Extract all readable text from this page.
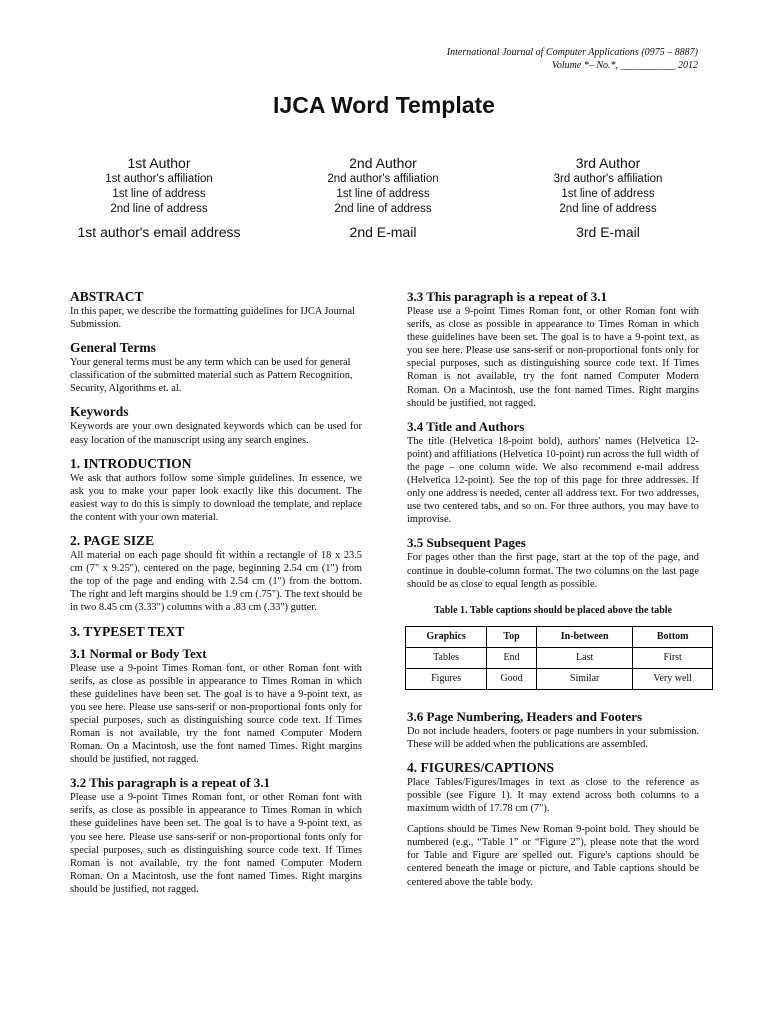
International Journal of Computer Applications (0975 – 8887)
Volume *– No.*, ___________ 2012
IJCA Word Template
1st Author
1st author's affiliation
1st line of address
2nd line of address
1st author's email address
2nd Author
2nd author's affiliation
1st line of address
2nd line of address
2nd E-mail
3rd Author
3rd author's affiliation
1st line of address
2nd line of address
3rd E-mail
ABSTRACT

In this paper, we describe the formatting guidelines for IJCA Journal Submission.

General Terms

Your general terms must be any term which can be used for general classification of the submitted material such as Pattern Recognition, Security, Algorithms et. al.

Keywords

Keywords are your own designated keywords which can be used for easy location of the manuscript using any search engines.

1. INTRODUCTION

We ask that authors follow some simple guidelines. In essence, we ask you to make your paper look exactly like this document. The easiest way to do this is simply to download the template, and replace the content with your own material.

2. PAGE SIZE

All material on each page should fit within a rectangle of 18 x 23.5 cm (7" x 9.25"), centered on the page, beginning 2.54 cm (1") from the top of the page and ending with 2.54 cm (1") from the bottom. The right and left margins should be 1.9 cm (.75"). The text should be in two 8.45 cm (3.33") columns with a .83 cm (.33") gutter.

3. TYPESET TEXT
3.1 Normal or Body Text

Please use a 9-point Times Roman font, or other Roman font with serifs, as close as possible in appearance to Times Roman in which these guidelines have been set. The goal is to have a 9-point text, as you see here. Please use sans-serif or non-proportional fonts only for special purposes, such as distinguishing source code text. If Times Roman is not available, try the font named Computer Modern Roman. On a Macintosh, use the font named Times. Right margins should be justified, not ragged.

3.2 This paragraph is a repeat of 3.1

Please use a 9-point Times Roman font, or other Roman font with serifs, as close as possible in appearance to Times Roman in which these guidelines have been set. The goal is to have a 9-point text, as you see here. Please use sans-serif or non-proportional fonts only for special purposes, such as distinguishing source code text. If Times Roman is not available, try the font named Computer Modern Roman. On a Macintosh, use the font named Times. Right margins should be justified, not ragged.

3.3 This paragraph is a repeat of 3.1

Please use a 9-point Times Roman font, or other Roman font with serifs, as close as possible in appearance to Times Roman in which these guidelines have been set. The goal is to have a 9-point text, as you see here. Please use sans-serif or non-proportional fonts only for special purposes, such as distinguishing source code text. If Times Roman is not available, try the font named Computer Modern Roman. On a Macintosh, use the font named Times. Right margins should be justified, not ragged.

3.4 Title and Authors

The title (Helvetica 18-point bold), authors' names (Helvetica 12-point) and affiliations (Helvetica 10-point) run across the full width of the page – one column wide. We also recommend e-mail address (Helvetica 12-point). See the top of this page for three addresses. If only one address is needed, center all address text. For two addresses, use two centered tabs, and so on. For three authors, you may have to improvise.

3.5 Subsequent Pages

For pages other than the first page, start at the top of the page, and continue in double-column format. The two columns on the last page should be as close to equal length as possible.

Table 1. Table captions should be placed above the table
Graphics	Top	In-between	Bottom
Tables	End	Last	First
Figures	Good	Similar	Very well
3.6 Page Numbering, Headers and Footers

Do not include headers, footers or page numbers in your submission. These will be added when the publications are assembled.

4. FIGURES/CAPTIONS

Place Tables/Figures/Images in text as close to the reference as possible (see Figure 1). It may extend across both columns to a maximum width of 17.78 cm (7").

Captions should be Times New Roman 9-point bold. They should be numbered (e.g., “Table 1” or “Figure 2”), please note that the word for Table and Figure are spelled out. Figure's captions should be centered beneath the image or picture, and Table captions should be centered above the table body.
